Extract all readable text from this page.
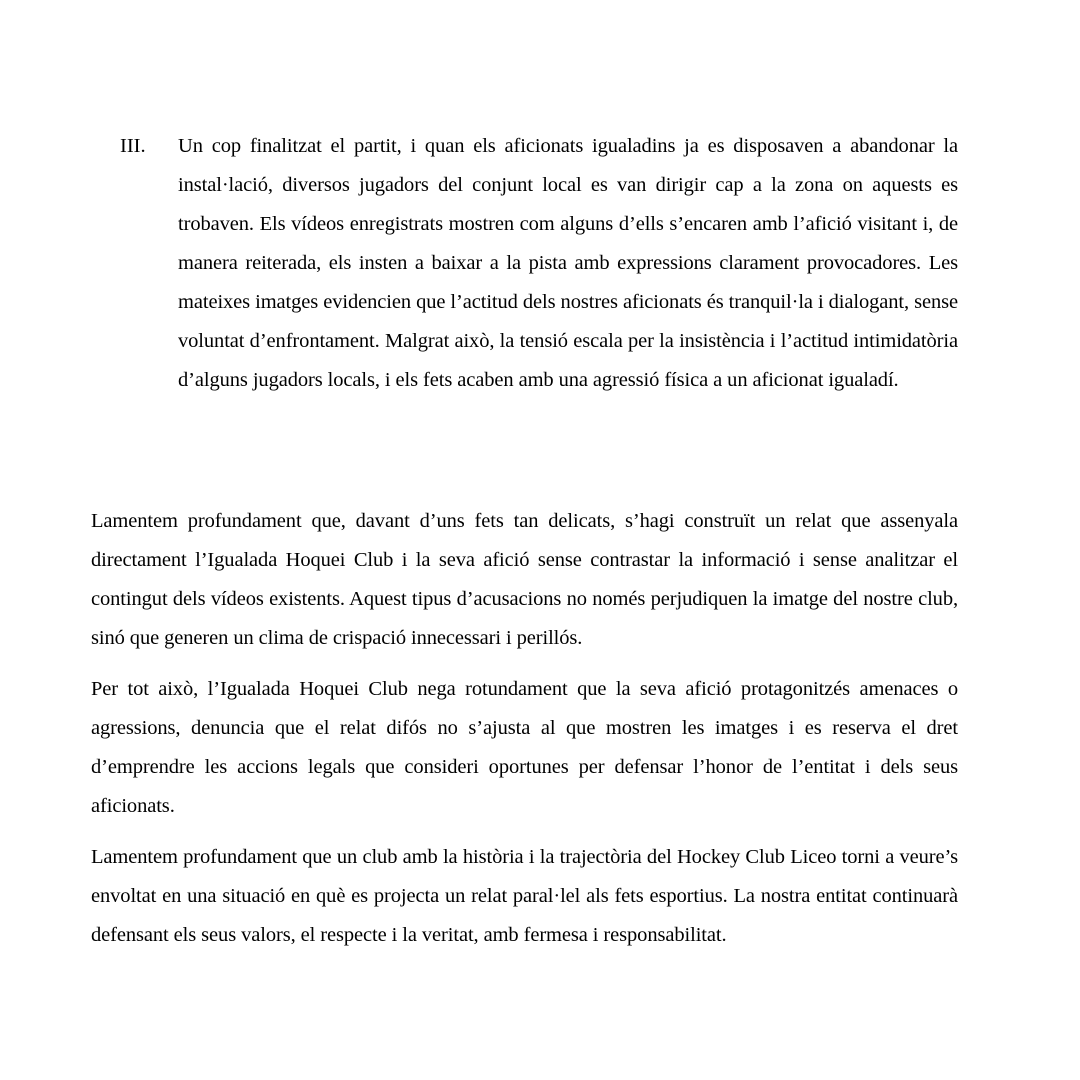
III. Un cop finalitzat el partit, i quan els aficionats igualadins ja es disposaven a abandonar la instal·lació, diversos jugadors del conjunt local es van dirigir cap a la zona on aquests es trobaven. Els vídeos enregistrats mostren com alguns d’ells s’encaren amb l’afició visitant i, de manera reiterada, els insten a baixar a la pista amb expressions clarament provocadores. Les mateixes imatges evidencien que l’actitud dels nostres aficionats és tranquil·la i dialogant, sense voluntat d’enfrontament. Malgrat això, la tensió escala per la insistència i l’actitud intimidatòria d’alguns jugadors locals, i els fets acaben amb una agressió física a un aficionat igualadí.

Lamentem profundament que, davant d’uns fets tan delicats, s’hagi construït un relat que assenyala directament l’Igualada Hoquei Club i la seva afició sense contrastar la informació i sense analitzar el contingut dels vídeos existents. Aquest tipus d’acusacions no només perjudiquen la imatge del nostre club, sinó que generen un clima de crispació innecessari i perillós.

Per tot això, l’Igualada Hoquei Club nega rotundament que la seva afició protagonitzés amenaces o agressions, denuncia que el relat difós no s’ajusta al que mostren les imatges i es reserva el dret d’emprendre les accions legals que consideri oportunes per defensar l’honor de l’entitat i dels seus aficionats.

Lamentem profundament que un club amb la història i la trajectòria del Hockey Club Liceo torni a veure’s envoltat en una situació en què es projecta un relat paral·lel als fets esportius. La nostra entitat continuarà defensant els seus valors, el respecte i la veritat, amb fermesa i responsabilitat.
